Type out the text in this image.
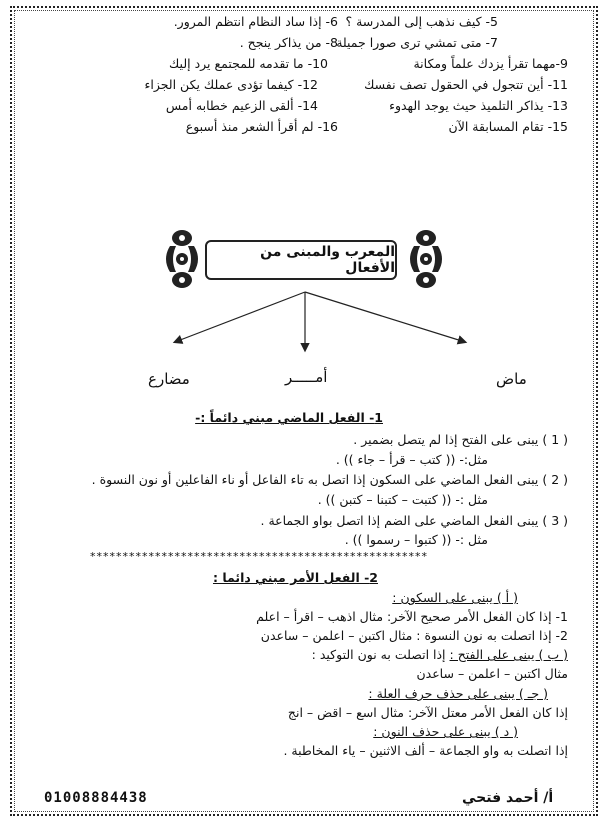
5- كيف نذهب إلى المدرسة ؟
7- متى تمشي ترى صورا جميلة
9-مهما تقرأ يزدك علماً ومكانة
11- أين تتجول في الحقول تصف نفسك
13- يذاكر التلميذ حيث يوجد الهدوء
15- تقام المسابقة الآن
6- إذا ساد النظام انتظم المرور.
8- من يذاكر ينجح .
10- ما تقدمه للمجتمع يرد إليك
12- كيفما تؤدى عملك يكن الجزاء
14- ألقى الزعيم خطابه أمس
16- لم أقرأ الشعر منذ أسبوع
المعرب والمبنى من الأفعال
ماض
أمـــــر
مضارع
1- الفعل الماضي مبني دائماً :-
( 1 ) يبنى على الفتح إذا لم يتصل بضمير .
مثل:- (( كتب – قرأ – جاء )) .
( 2 ) يبنى الفعل الماضي على السكون إذا اتصل به تاء الفاعل أو ناء الفاعلين أو نون النسوة .
مثل :- (( كتبت – كتبنا – كتبن )) .
( 3 ) يبنى الفعل الماضي على الضم إذا اتصل بواو الجماعة .
مثل :- (( كتبوا – رسموا )) .
****************************************************
2- الفعل الأمر مبني دائما :
( أ ) يبنى على السكون :
1- إذا كان الفعل الأمر صحيح الآخر: مثال اذهب – اقرأ – اعلم
2- إذا اتصلت به نون النسوة : مثال اكتبن – اعلمن – ساعدن
( ب ) يبنى على الفتح : إذا اتصلت به نون التوكيد :
مثال اكتبن – اعلمن – ساعدن
( جـ ) يبنى على حذف حرف العلة :
إذا كان الفعل الأمر معتل الآخر: مثال اسع – اقض – انج
( د ) يبنى على حذف النون :
إذا اتصلت به واو الجماعة – ألف الاثنين – ياء المخاطبة .
01008884438	أ/ أحمد فتحي
